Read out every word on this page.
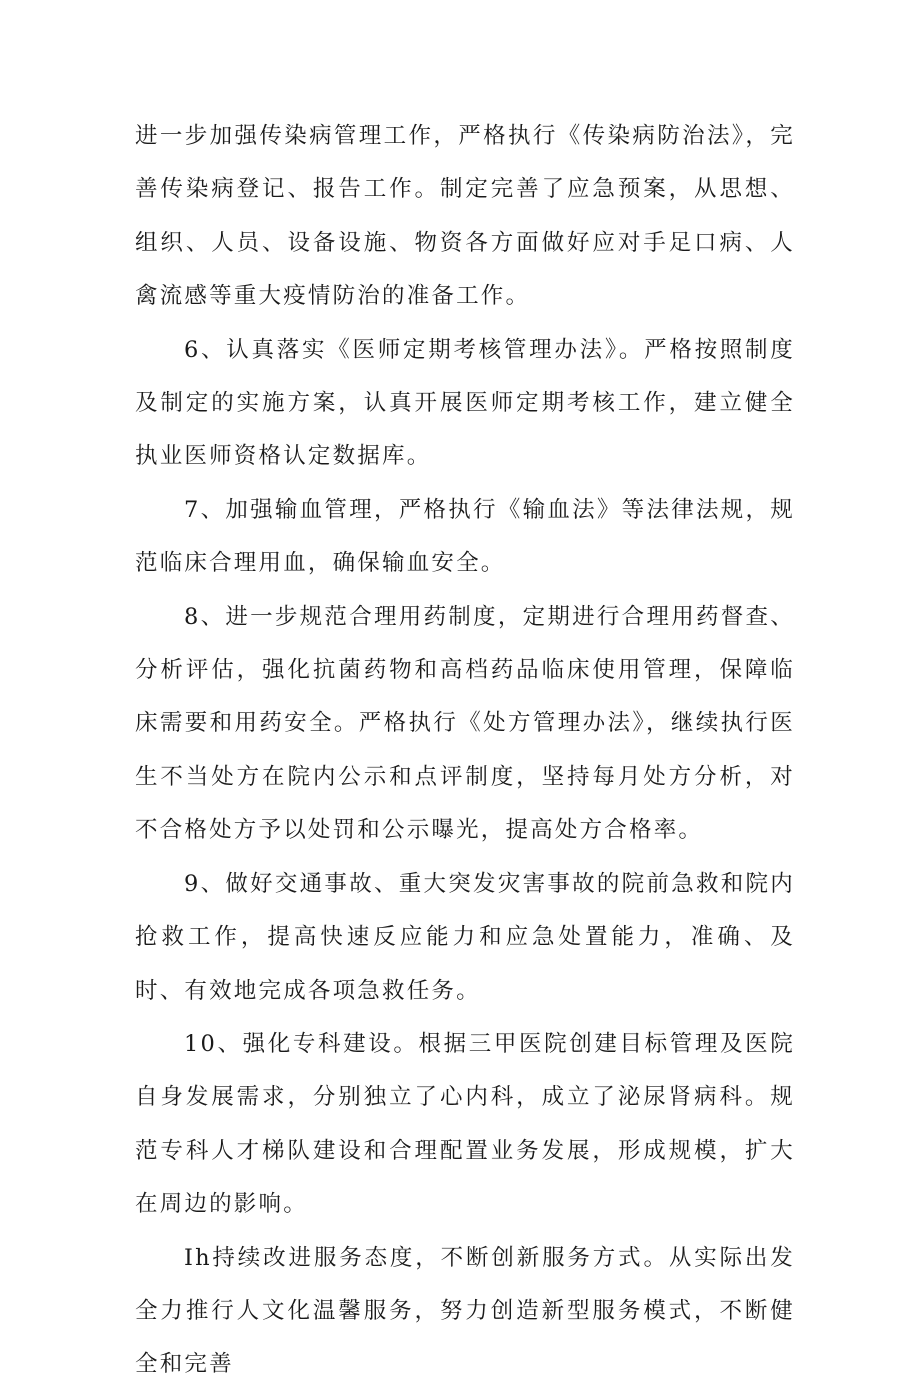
进一步加强传染病管理工作，严格执行《传染病防治法》，完善传染病登记、报告工作。制定完善了应急预案，从思想、组织、人员、设备设施、物资各方面做好应对手足口病、人禽流感等重大疫情防治的准备工作。

6、认真落实《医师定期考核管理办法》。严格按照制度及制定的实施方案，认真开展医师定期考核工作，建立健全执业医师资格认定数据库。

7、加强输血管理，严格执行《输血法》等法律法规，规范临床合理用血，确保输血安全。

8、进一步规范合理用药制度，定期进行合理用药督查、分析评估，强化抗菌药物和高档药品临床使用管理，保障临床需要和用药安全。严格执行《处方管理办法》，继续执行医生不当处方在院内公示和点评制度，坚持每月处方分析，对不合格处方予以处罚和公示曝光，提高处方合格率。

9、做好交通事故、重大突发灾害事故的院前急救和院内抢救工作，提高快速反应能力和应急处置能力，准确、及时、有效地完成各项急救任务。

10、强化专科建设。根据三甲医院创建目标管理及医院自身发展需求，分别独立了心内科，成立了泌尿肾病科。规范专科人才梯队建设和合理配置业务发展，形成规模，扩大在周边的影响。

Ih持续改进服务态度，不断创新服务方式。从实际出发全力推行人文化温馨服务，努力创造新型服务模式，不断健全和完善
